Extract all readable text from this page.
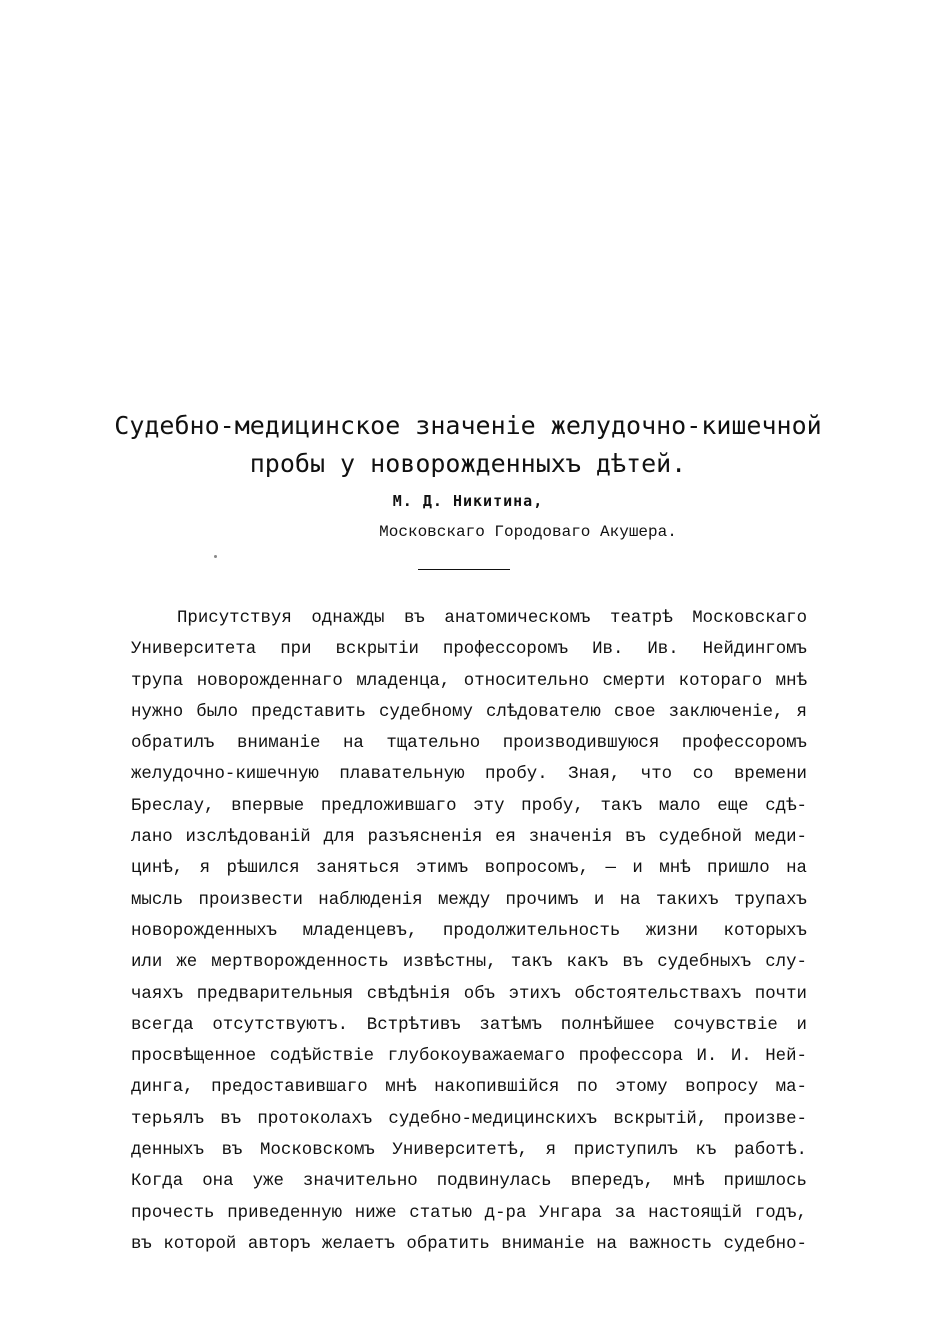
Судебно-медицинское значеніе желудочно-кишечной
пробы у новорожденныхъ дѣтей.
М. Д. Никитина,
Московскаго Городоваго Акушера.
Присутствуя однажды въ анатомическомъ театрѣ Московскаго
Университета при вскрытіи профессоромъ Ив. Ив. Нейдингомъ
трупа новорожденнаго младенца, относительно смерти котораго мнѣ
нужно было представить судебному слѣдователю свое заключеніе, я
обратилъ вниманіе на тщательно производившуюся профессоромъ
желудочно-кишечную плавательную пробу. Зная, что со времени
Бреслау, впервые предложившаго эту пробу, такъ мало еще сдѣ-
лано изслѣдованій для разъясненія ея значенія въ судебной меди-
цинѣ, я рѣшился заняться этимъ вопросомъ, — и мнѣ пришло на
мысль произвести наблюденія между прочимъ и на такихъ трупахъ
новорожденныхъ младенцевъ, продолжительность жизни которыхъ
или же мертворожденность извѣстны, такъ какъ въ судебныхъ слу-
чаяхъ предварительныя свѣдѣнія объ этихъ обстоятельствахъ почти
всегда отсутствуютъ. Встрѣтивъ затѣмъ полнѣйшее сочувствіе и
просвѣщенное содѣйствіе глубокоуважаемаго профессора И. И. Ней-
динга, предоставившаго мнѣ накопившійся по этому вопросу ма-
терьялъ въ протоколахъ судебно-медицинскихъ вскрытій, произве-
денныхъ въ Московскомъ Университетѣ, я приступилъ къ работѣ.
Когда она уже значительно подвинулась впередъ, мнѣ пришлось
прочесть приведенную ниже статью д-ра Унгара за настоящій годъ,
въ которой авторъ желаетъ обратить вниманіе на важность судебно-
